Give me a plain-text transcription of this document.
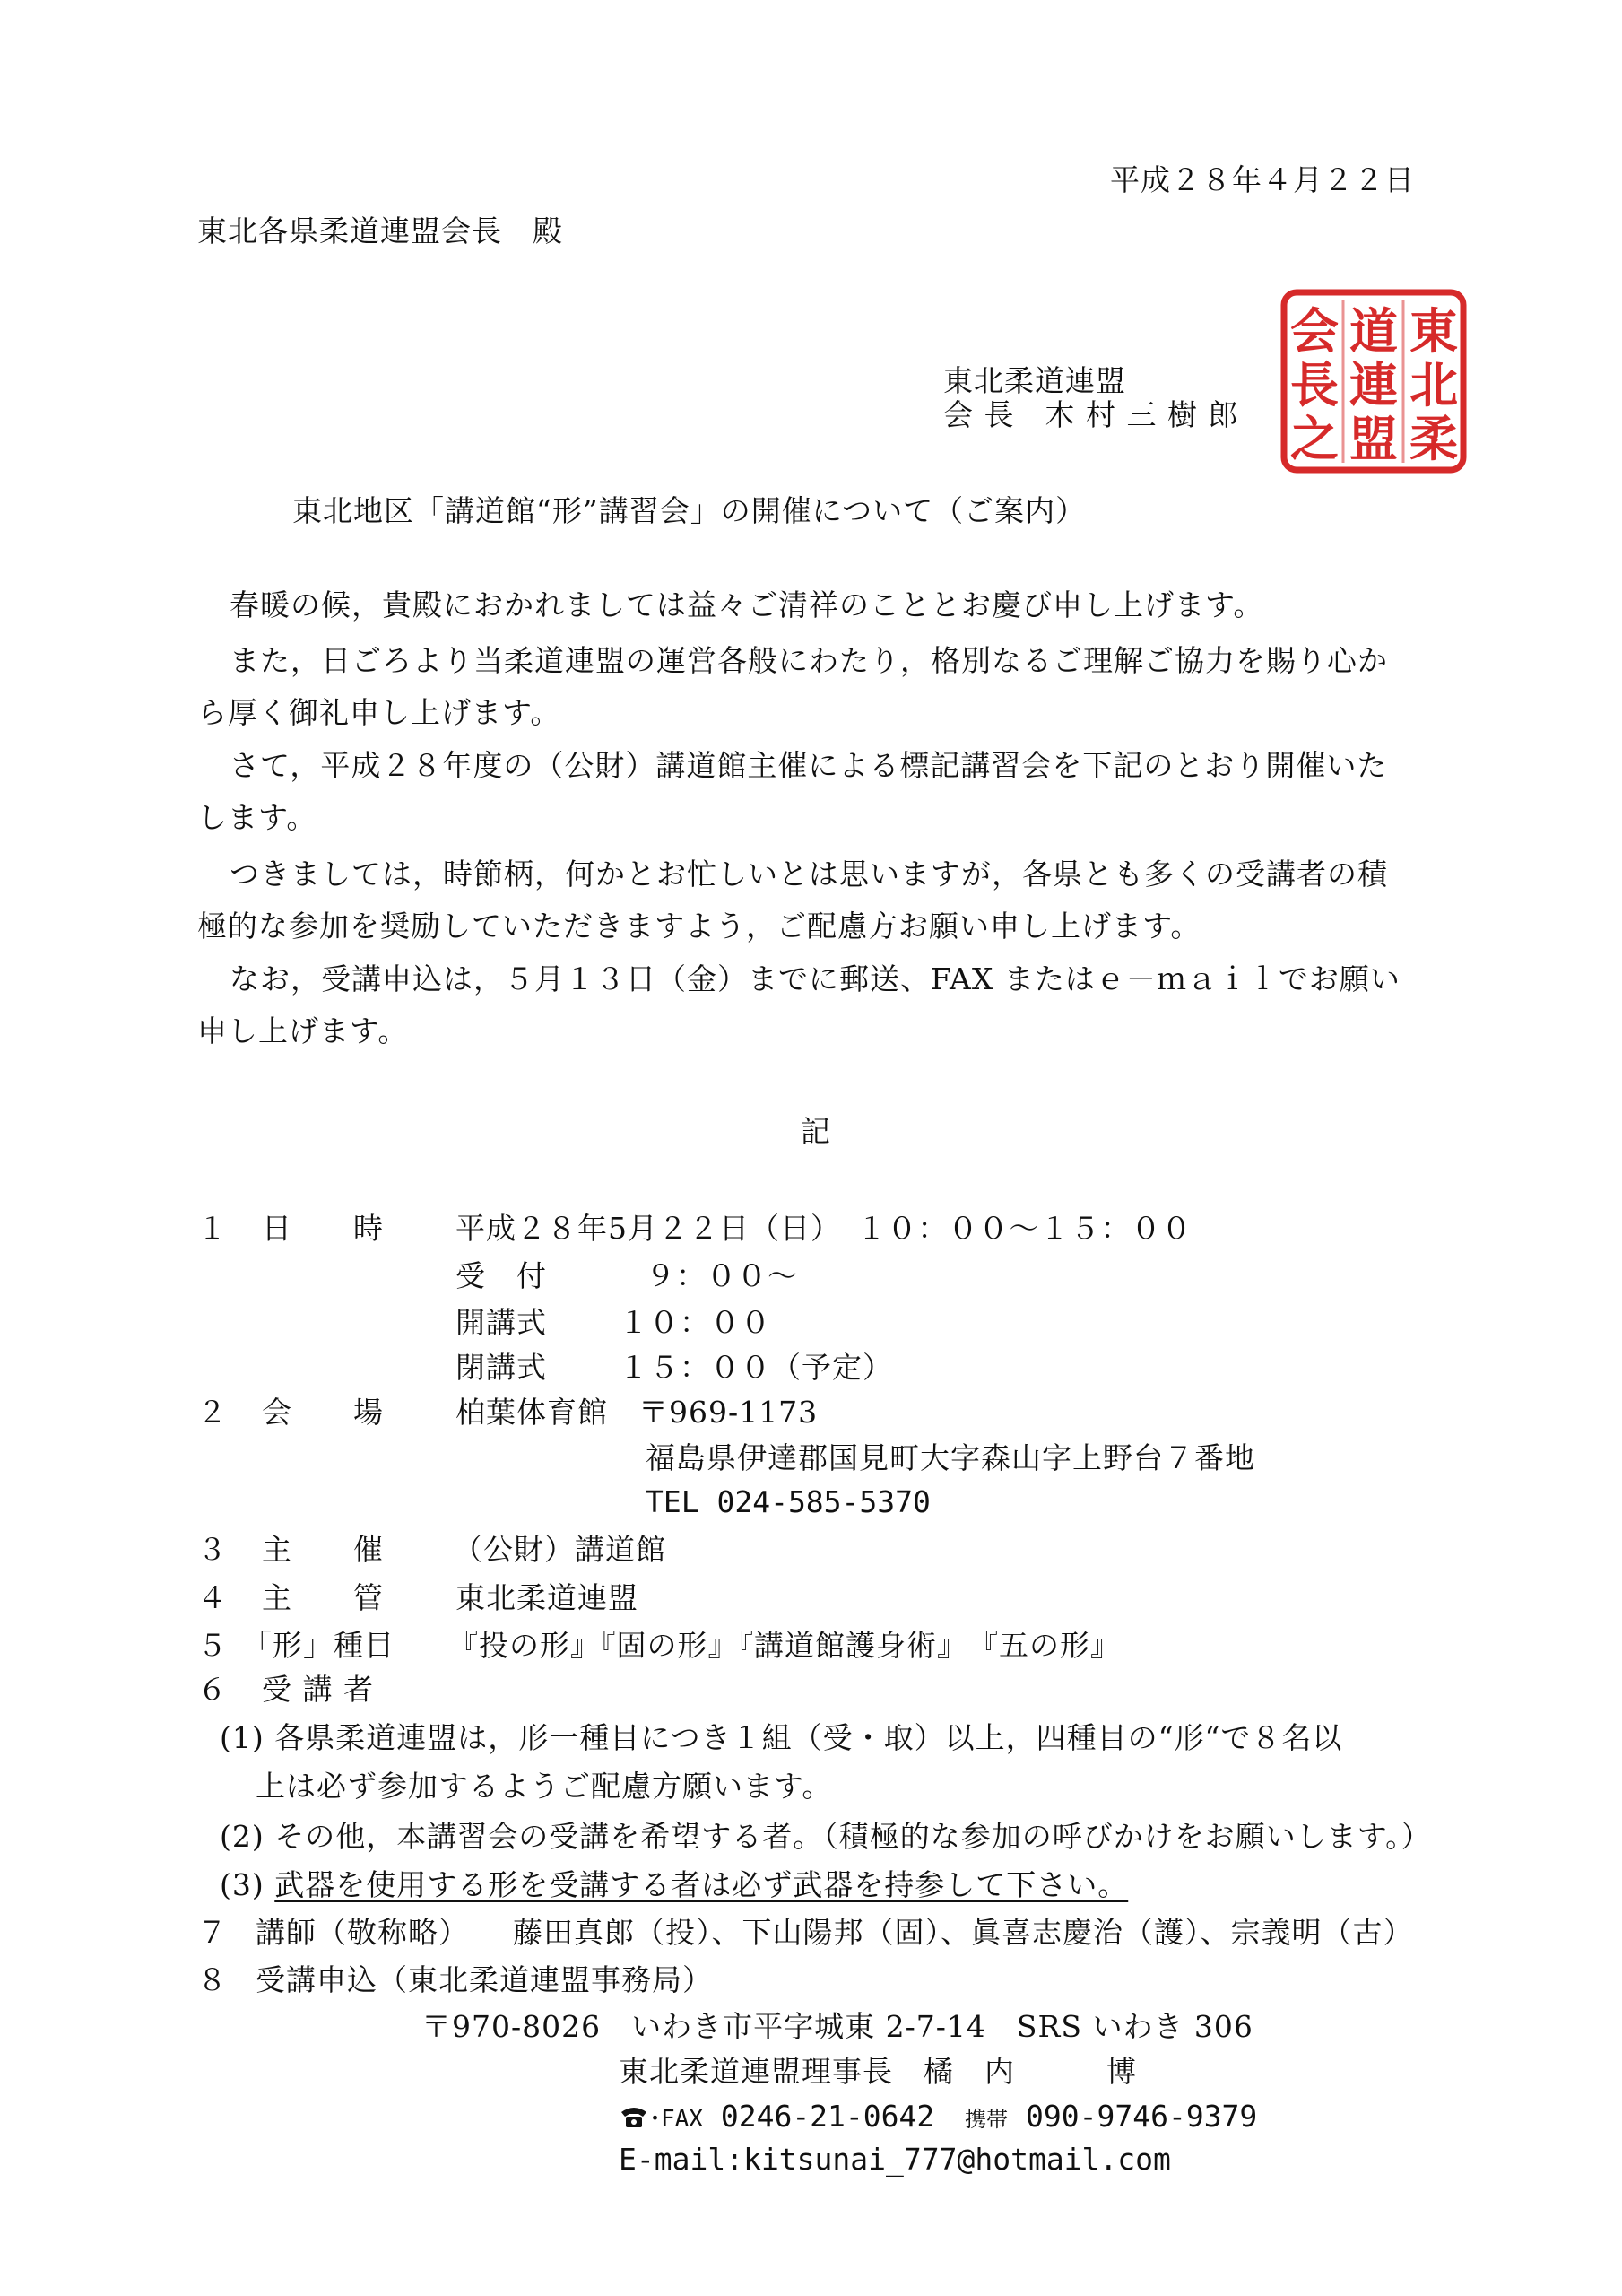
平成２８年４月２２日
東北各県柔道連盟会長　殿
東北柔道連盟
会 長　木 村 三 樹 郎
東
北
柔
道
連
盟
会
長
之
東北地区「講道館“形”講習会」の開催について（ご案内）
春暖の候，貴殿におかれましては益々ご清祥のこととお慶び申し上げます。
また，日ごろより当柔道連盟の運営各般にわたり，格別なるご理解ご協力を賜り心か
ら厚く御礼申し上げます。
さて，平成２８年度の（公財）講道館主催による標記講習会を下記のとおり開催いた
します。
つきましては，時節柄，何かとお忙しいとは思いますが，各県とも多くの受講者の積
極的な参加を奨励していただきますよう，ご配慮方お願い申し上げます。
なお，受講申込は，５月１３日（金）までに郵送、FAX またはｅ－ｍａｉｌでお願い
申し上げます。
記
１ 日　　時 平成２８年5月２２日（日）　１０：００～１５：００
受　付	９：００～
開講式 １０：００
閉講式 １５：００（予定）
２ 会　　場 柏葉体育館　〒969-1173
福島県伊達郡国見町大字森山字上野台７番地
TEL 024-585-5370
３ 主　　催 （公財）講道館
４ 主　　管 東北柔道連盟
５ 「形」種目 『投の形』『固の形』『講道館護身術』　『五の形』
６ 受 講 者
(1) 各県柔道連盟は，形一種目につき１組（受・取）以上，四種目の“形“で８名以
上は必ず参加するようご配慮方願います。
(2) その他，本講習会の受講を希望する者。（積極的な参加の呼びかけをお願いします。）
(3) 武器を使用する形を受講する者は必ず武器を持参して下さい。
７ 講師（敬称略） 藤田真郎（投）、下山陽邦（固）、眞喜志慶治（護）、宗義明（古）
８ 受講申込（東北柔道連盟事務局）
〒970-8026　いわき市平字城東 2-7-14　SRS いわき 306
東北柔道連盟理事長　橘　内　　　博
･FAX 0246-21-0642 携帯 090-9746-9379
E-mail:kitsunai_777@hotmail.com
